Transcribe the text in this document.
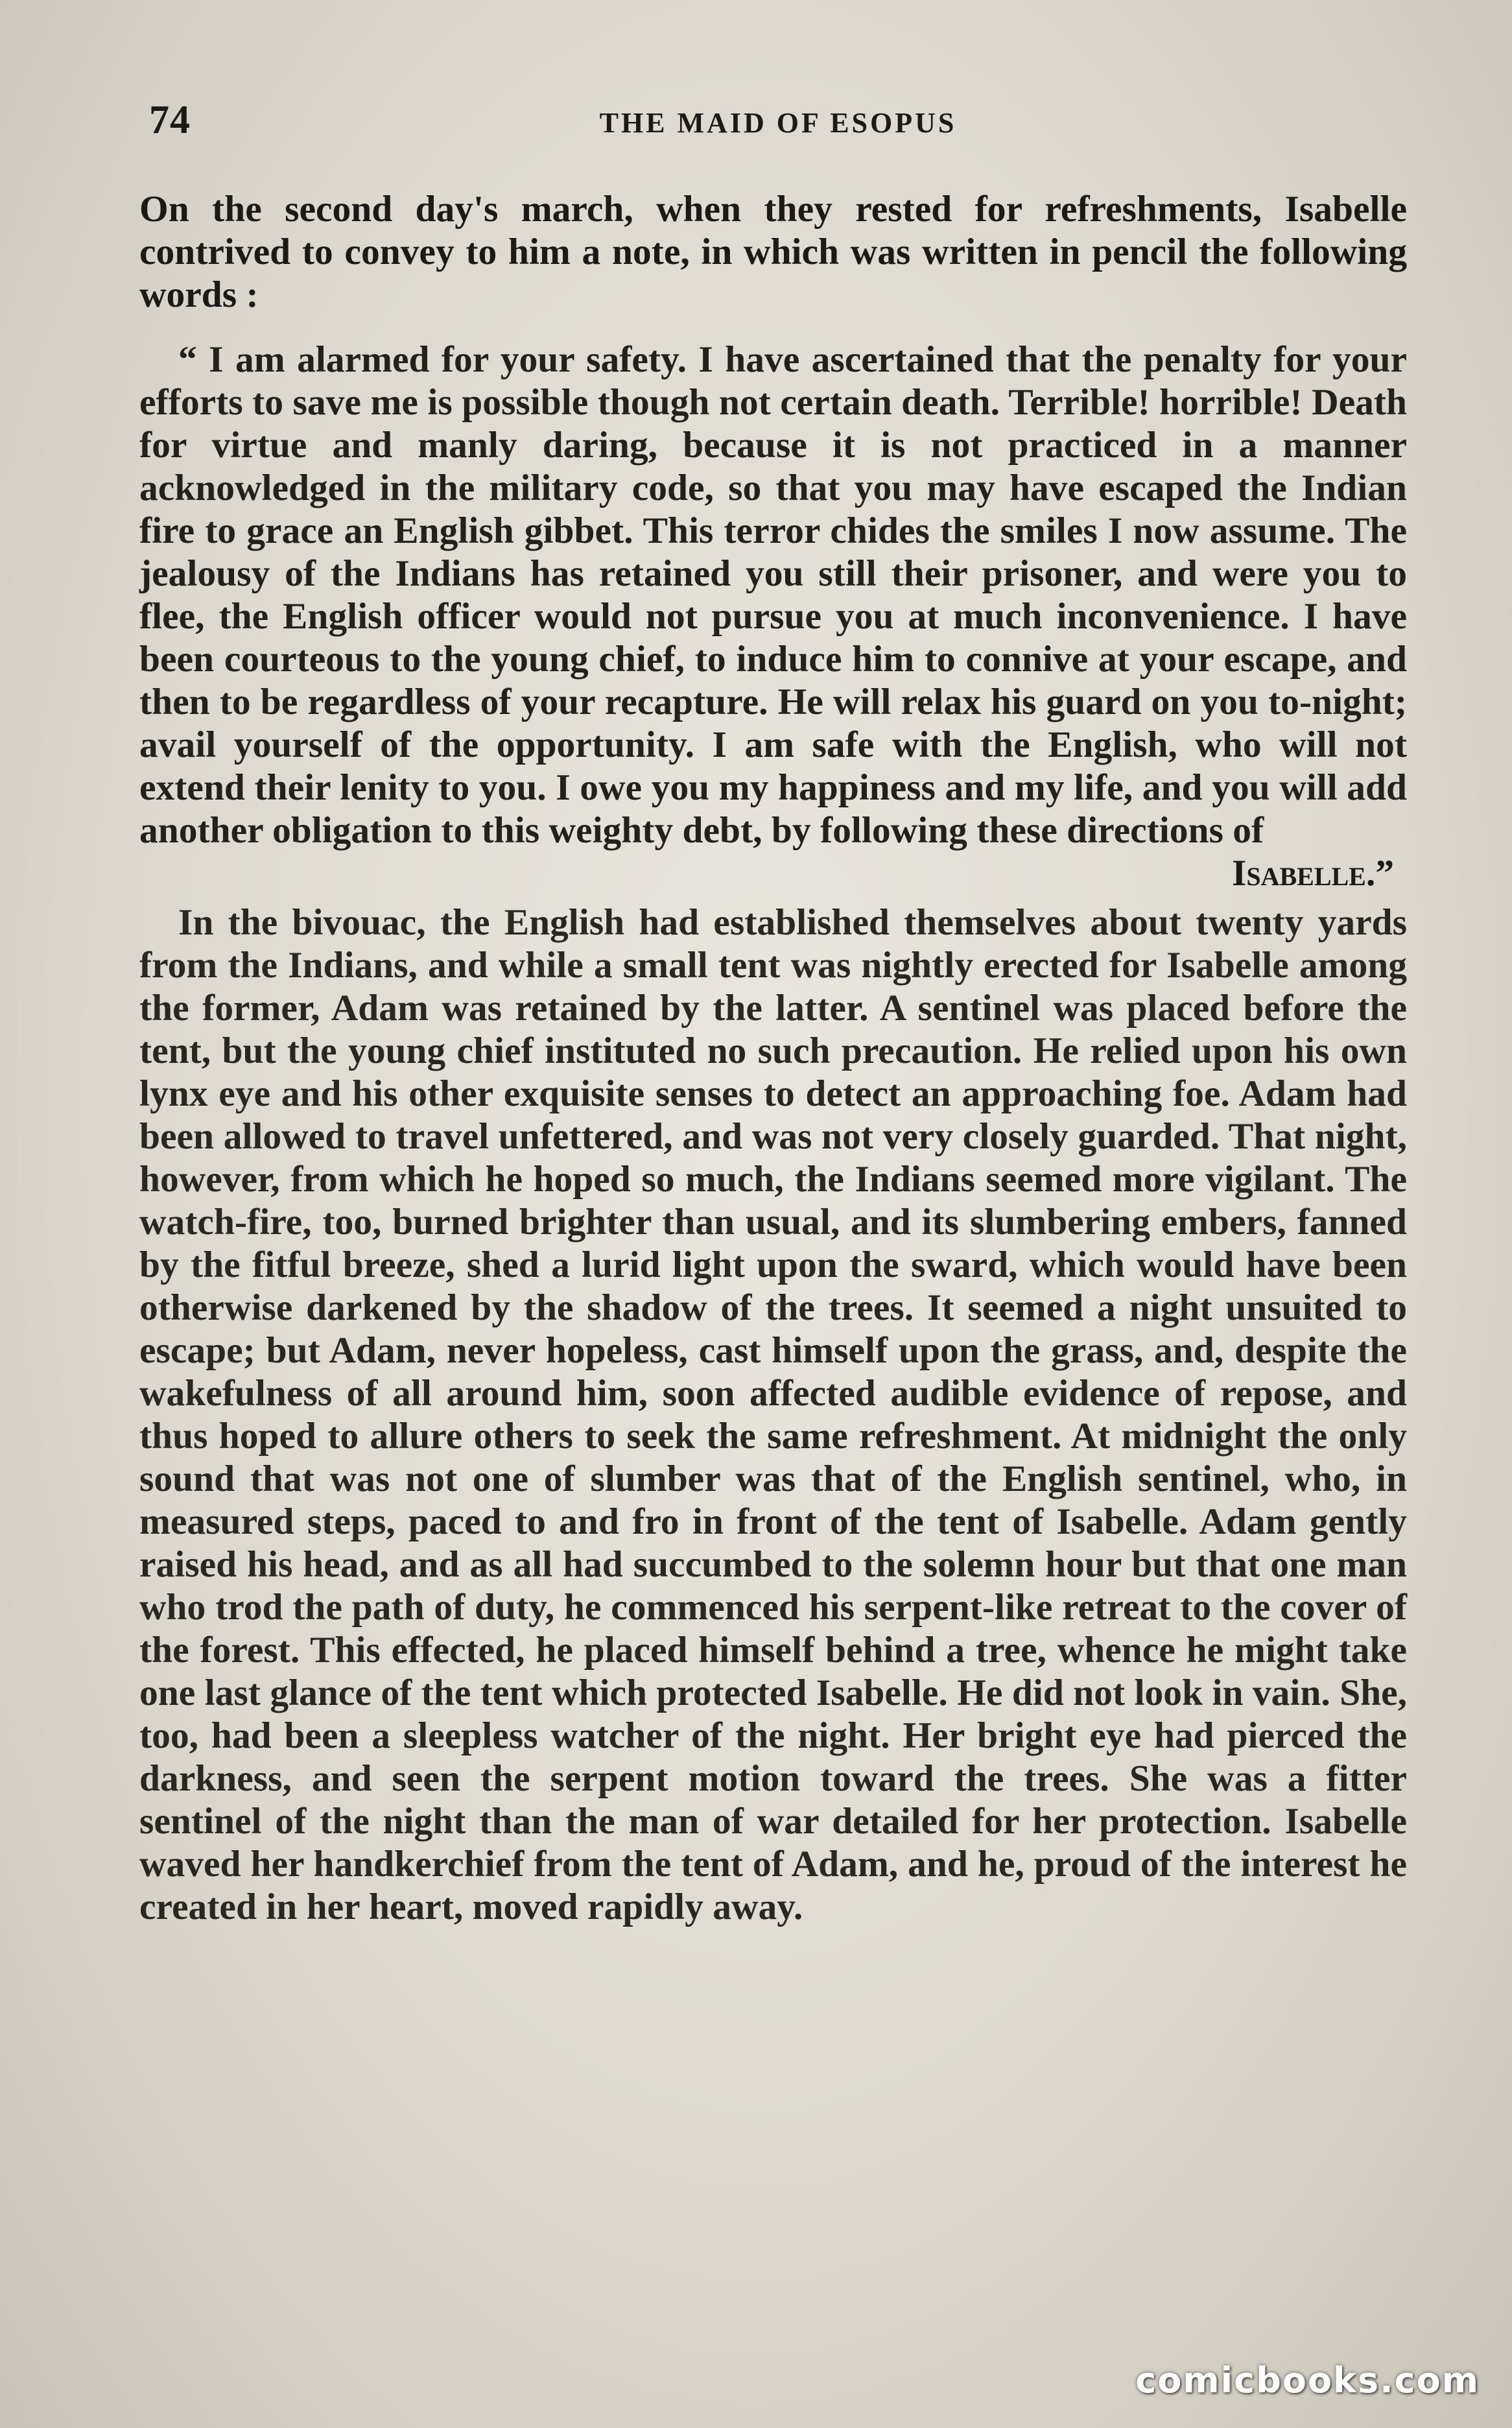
74	THE MAID OF ESOPUS

On the second day's march, when they rested for refreshments, Isabelle contrived to convey to him a note, in which was written in pencil the following words :

“ I am alarmed for your safety. I have ascertained that the penalty for your efforts to save me is possible though not certain death. Terrible! horrible! Death for virtue and manly daring, because it is not practiced in a manner acknowledged in the military code, so that you may have escaped the Indian fire to grace an English gibbet. This terror chides the smiles I now assume. The jealousy of the Indians has retained you still their prisoner, and were you to flee, the English officer would not pursue you at much inconvenience. I have been courteous to the young chief, to induce him to connive at your escape, and then to be regardless of your recapture. He will relax his guard on you to-night; avail yourself of the opportunity. I am safe with the English, who will not extend their lenity to you. I owe you my happiness and my life, and you will add another obligation to this weighty debt, by following these directions of

Isabelle.”

In the bivouac, the English had established themselves about twenty yards from the Indians, and while a small tent was nightly erected for Isabelle among the former, Adam was retained by the latter. A sentinel was placed before the tent, but the young chief instituted no such precaution. He relied upon his own lynx eye and his other exquisite senses to detect an approaching foe. Adam had been allowed to travel unfettered, and was not very closely guarded. That night, however, from which he hoped so much, the Indians seemed more vigilant. The watch-fire, too, burned brighter than usual, and its slumbering embers, fanned by the fitful breeze, shed a lurid light upon the sward, which would have been otherwise darkened by the shadow of the trees. It seemed a night unsuited to escape; but Adam, never hopeless, cast himself upon the grass, and, despite the wakefulness of all around him, soon affected audible evidence of repose, and thus hoped to allure others to seek the same refreshment. At midnight the only sound that was not one of slumber was that of the English sentinel, who, in measured steps, paced to and fro in front of the tent of Isabelle. Adam gently raised his head, and as all had succumbed to the solemn hour but that one man who trod the path of duty, he commenced his serpent-like retreat to the cover of the forest. This effected, he placed himself behind a tree, whence he might take one last glance of the tent which protected Isabelle. He did not look in vain. She, too, had been a sleepless watcher of the night. Her bright eye had pierced the darkness, and seen the serpent motion toward the trees. She was a fitter sentinel of the night than the man of war detailed for her protection. Isabelle waved her handkerchief from the tent of Adam, and he, proud of the interest he created in her heart, moved rapidly away.

comicbooks.com
